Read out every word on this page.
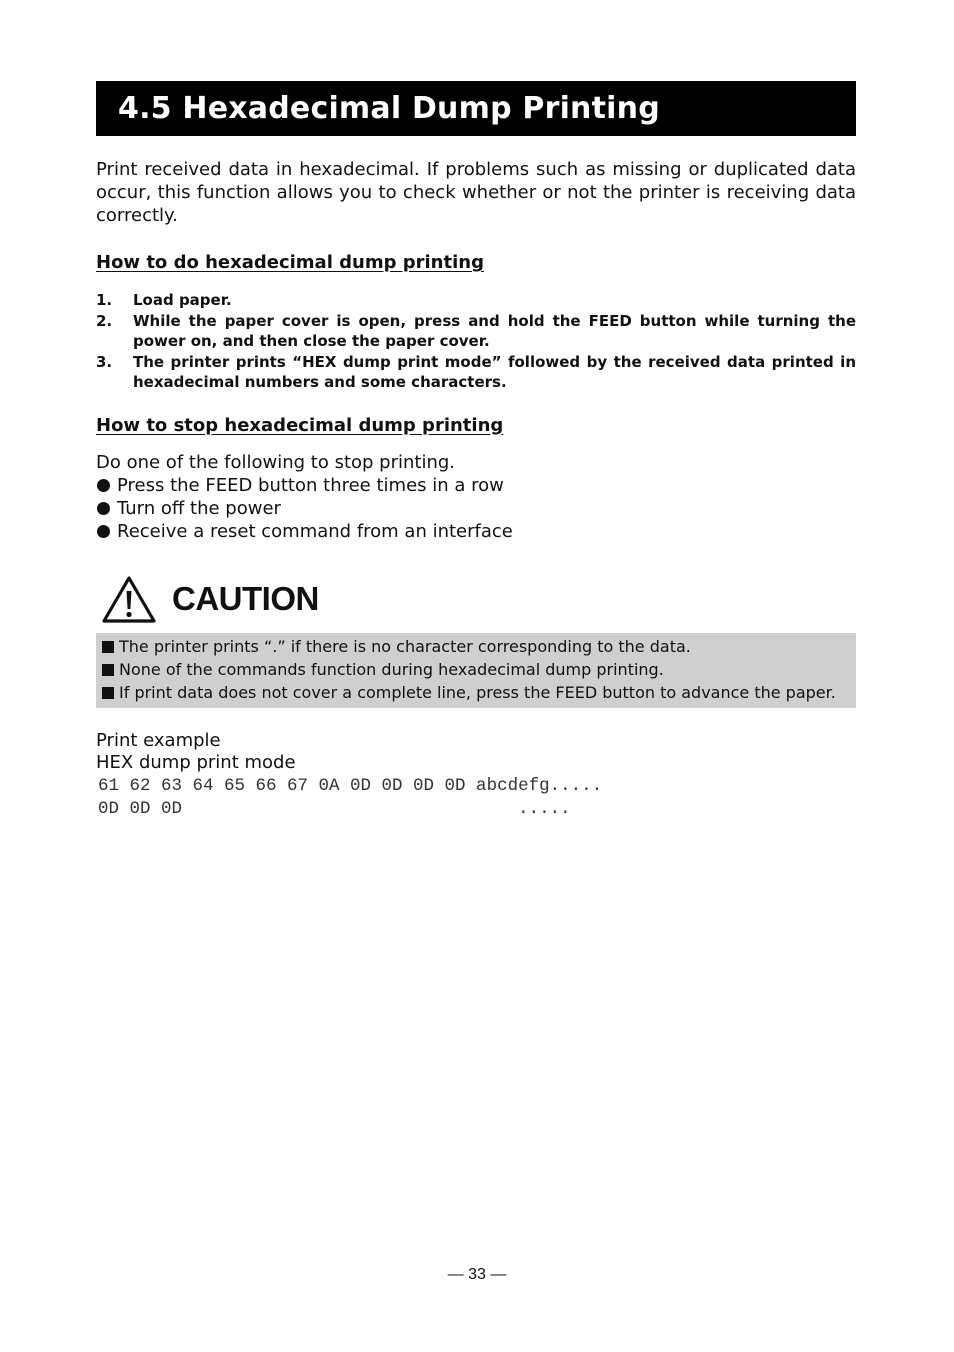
4.5 Hexadecimal Dump Printing

Print received data in hexadecimal. If problems such as missing or duplicated data occur, this function allows you to check whether or not the printer is receiving data correctly.

How to do hexadecimal dump printing
1.	Load paper.
2.	While the paper cover is open, press and hold the FEED button while turning the power on, and then close the paper cover.
3.	The printer prints “HEX dump print mode” followed by the received data printed in hexadecimal numbers and some characters.
How to stop hexadecimal dump printing

Do one of the following to stop printing.

Press the FEED button three times in a row
Turn off the power
Receive a reset command from an interface
CAUTION
The printer prints “.” if there is no character corresponding to the data.
None of the commands function during hexadecimal dump printing.
If print data does not cover a complete line, press the FEED button to advance the paper.

Print example

HEX dump print mode

61 62 63 64 65 66 67 0A 0D 0D 0D 0D abcdefg.....
0D 0D 0D                                .....
— 33 —
